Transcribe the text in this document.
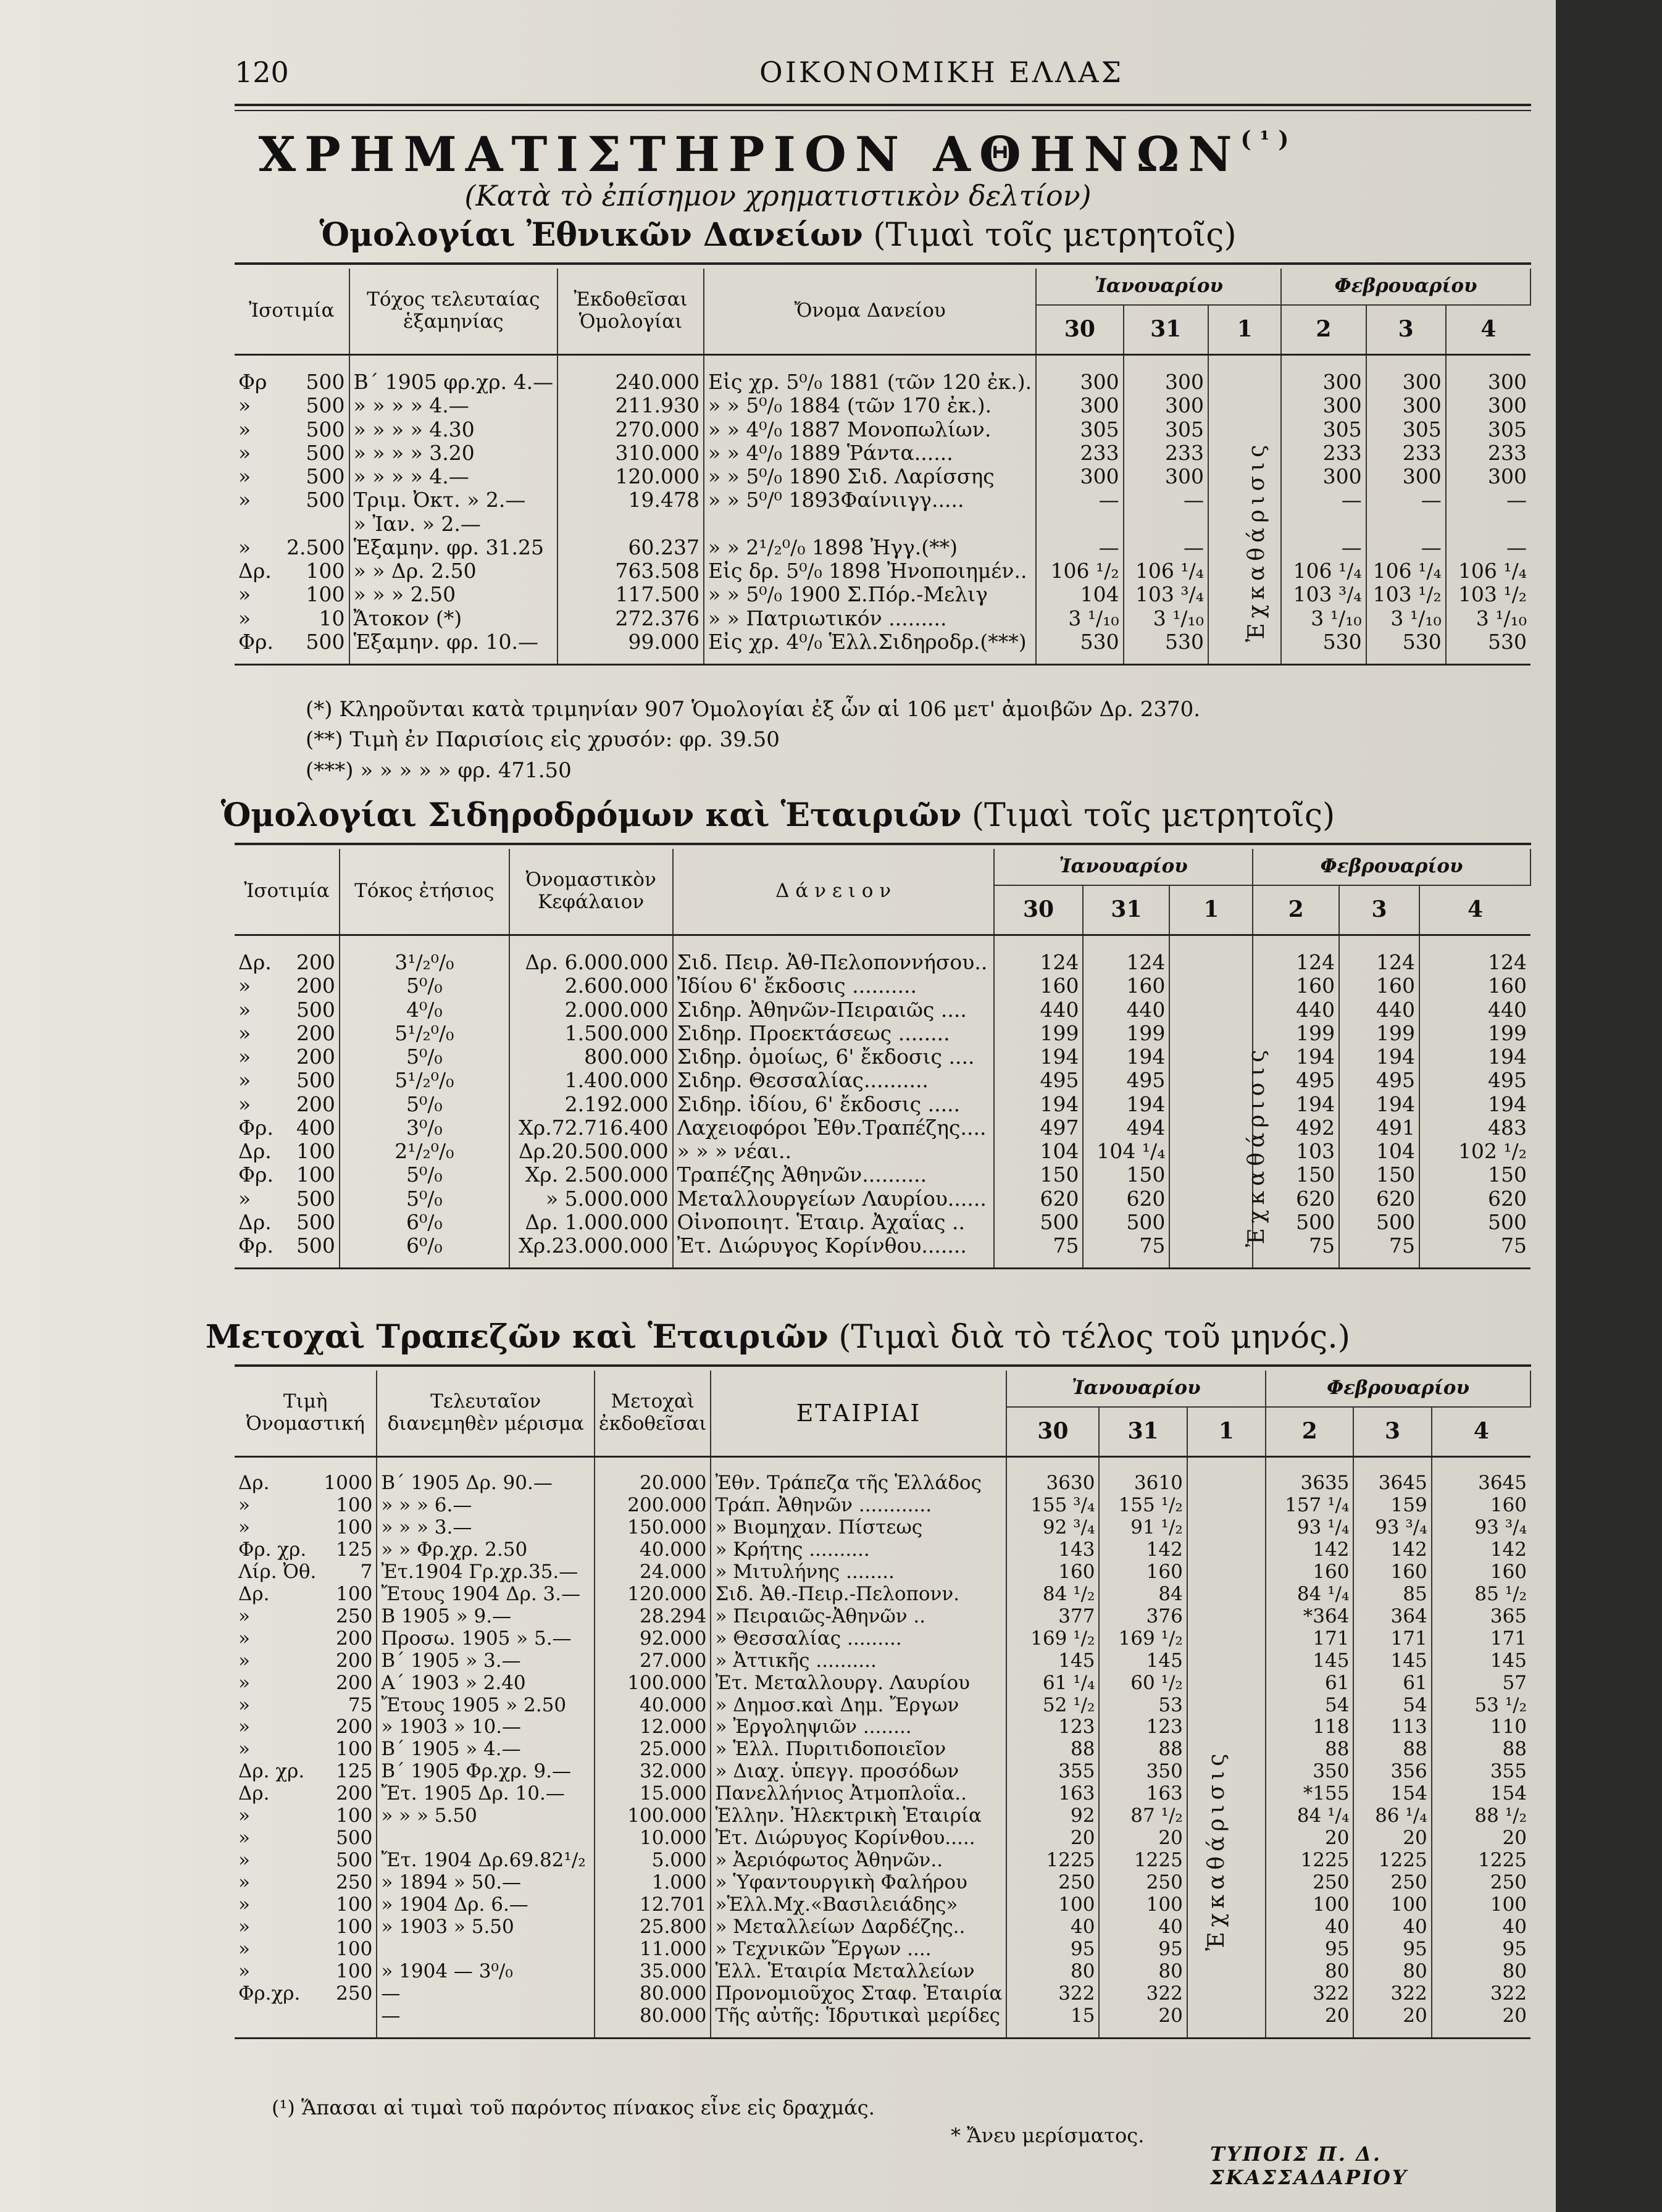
120	ΟΙΚΟΝΟΜΙΚΗ ΕΛΛΑΣ
ΧΡΗΜΑΤΙΣΤΗΡΙΟΝ $A\Theta HN\Omega N^{(^1)}$
(Κατὰ τὸ ἐπίσημον χρηματιστικὸν δελτίον)
Ὁμολογίαι Ἐθνικῶν Δανείων (Τιμαὶ τοῖς μετρητοῖς)
Ἰσοτιμία		Τόχος τελευταίας ἑξαμηνίας	Ἐκδοθεῖσαι Ὁμολογίαι	Ὄνομα Δανείου	Ἰανουαρίου			Φεβρουαρίου		
					30	31	1	2	3	4
Φρ	500	Β΄ 1905 φρ.χρ. 4.—	240.000	Εἰς χρ. 5⁰/₀ 1881 (τῶν 120 ἐκ.).	300	300		300	300	300
»	500	» » » » 4.—	211.930	» » 5⁰/₀ 1884 (τῶν 170 ἐκ.).	300	300		300	300	300
»	500	» » » » 4.30	270.000	» » 4⁰/₀ 1887 Μονοπωλίων.	305	305		305	305	305
»	500	» » » » 3.20	310.000	» » 4⁰/₀ 1889 Ῥάντα......	233	233		233	233	233
»	500	» » » » 4.—	120.000	» » 5⁰/₀ 1890 Σιδ. Λαρίσσης	300	300		300	300	300
»	500	Τριμ. Ὀκτ. » 2.—	19.478	» » 5⁰/⁰ 1893Φαίνιιγγ.....	—	—		—	—	—
		» Ἰαν. » 2.—								
»	2.500	Ἑξαμην. φρ. 31.25	60.237	» » 2¹/₂⁰/₀ 1898 Ἠγγ.(**)	—	—		—	—	—
Δρ.	100	» » Δρ. 2.50	763.508	Εἰς δρ. 5⁰/₀ 1898 Ἠνοποιημέν..	106 ¹/₂	106 ¹/₄		106 ¹/₄	106 ¹/₄	106 ¹/₄
»	100	» » » 2.50	117.500	» » 5⁰/₀ 1900 Σ.Πόρ.-Μελιγ	104	103 ³/₄		103 ³/₄	103 ¹/₂	103 ¹/₂
»	10	Ἄτοκον (*)	272.376	» » Πατριωτικόν .........	3 ¹/₁₀	3 ¹/₁₀		3 ¹/₁₀	3 ¹/₁₀	3 ¹/₁₀
Φρ.	500	Ἑξαμην. φρ. 10.—	99.000	Εἰς χρ. 4⁰/₀ Ἑλλ.Σιδηροδρ.(***)	530	530		530	530	530
Ἐχκαθάρισις
(*) Κληροῦνται κατὰ τριμηνίαν 907 Ὁμολογίαι ἐξ ὧν αἱ 106 μετ' ἀμοιβῶν Δρ. 2370.
(**) Τιμὴ ἐν Παρισίοις εἰς χρυσόν: φρ. 39.50
(***) » » » » » φρ. 471.50
Ὁμολογίαι Σιδηροδρόμων καὶ Ἑταιριῶν (Τιμαὶ τοῖς μετρητοῖς)
Ἰσοτιμία		Τόκος ἐτήσιος	Ὀνομαστικὸν Κεφάλαιον	Δ ά ν ε ι ο ν	Ἰανουαρίου			Φεβρουαρίου		
					30	31	1	2	3	4
Δρ.	200	3¹/₂⁰/₀	Δρ. 6.000.000	Σιδ. Πειρ. Ἀθ-Πελοποννήσου..	124	124		124	124	124
»	200	5⁰/₀	2.600.000	Ἰδίου 6' ἔκδοσις ..........	160	160		160	160	160
»	500	4⁰/₀	2.000.000	Σιδηρ. Ἀθηνῶν-Πειραιῶς ....	440	440		440	440	440
»	200	5¹/₂⁰/₀	1.500.000	Σιδηρ. Προεκτάσεως ........	199	199		199	199	199
»	200	5⁰/₀	800.000	Σιδηρ. ὁμοίως, 6' ἔκδοσις ....	194	194		194	194	194
»	500	5¹/₂⁰/₀	1.400.000	Σιδηρ. Θεσσαλίας..........	495	495		495	495	495
»	200	5⁰/₀	2.192.000	Σιδηρ. ἰδίου, 6' ἔκδοσις .....	194	194		194	194	194
Φρ.	400	3⁰/₀	Χρ.72.716.400	Λαχειοφόροι Ἐθν.Τραπέζης....	497	494		492	491	483
Δρ.	100	2¹/₂⁰/₀	Δρ.20.500.000	» » » νέαι..	104	104 ¹/₄		103	104	102 ¹/₂
Φρ.	100	5⁰/₀	Χρ. 2.500.000	Τραπέζης Ἀθηνῶν..........	150	150		150	150	150
»	500	5⁰/₀	» 5.000.000	Μεταλλουργείων Λαυρίου......	620	620		620	620	620
Δρ.	500	6⁰/₀	Δρ. 1.000.000	Οἰνοποιητ. Ἑταιρ. Ἀχαΐας ..	500	500		500	500	500
Φρ.	500	6⁰/₀	Χρ.23.000.000	Ἐτ. Διώρυγος Κορίνθου.......	75	75		75	75	75
Ἐχκαθάρισις
Μετοχαὶ Τραπεζῶν καὶ Ἑταιριῶν (Τιμαὶ διὰ τὸ τέλος τοῦ μηνός.)
Τιμὴ Ὀνομαστική		Τελευταῖον διανεμηθὲν μέρισμα	Μετοχαὶ ἐκδοθεῖσαι	ΕΤΑΙΡΙΑΙ	Ἰανουαρίου			Φεβρουαρίου		
					30	31	1	2	3	4
Δρ.	1000	Β΄ 1905 Δρ. 90.—	20.000	Ἐθν. Τράπεζα τῆς Ἑλλάδος	3630	3610		3635	3645	3645
»	100	» » » 6.—	200.000	Τράπ. Ἀθηνῶν ............	155 ³/₄	155 ¹/₂		157 ¹/₄	159	160
»	100	» » » 3.—	150.000	» Βιομηχαν. Πίστεως	92 ³/₄	91 ¹/₂		93 ¹/₄	93 ³/₄	93 ³/₄
Φρ. χρ.	125	» » Φρ.χρ. 2.50	40.000	» Κρήτης ..........	143	142		142	142	142
Λίρ. Ὀθ.	7	Ἐτ.1904 Γρ.χρ.35.—	24.000	» Μιτυλήνης ........	160	160		160	160	160
Δρ.	100	Ἔτους 1904 Δρ. 3.—	120.000	Σιδ. Ἀθ.-Πειρ.-Πελοπονν.	84 ¹/₂	84		84 ¹/₄	85	85 ¹/₂
»	250	Β 1905 » 9.—	28.294	» Πειραιῶς-Ἀθηνῶν ..	377	376		*364	364	365
»	200	Προσω. 1905 » 5.—	92.000	» Θεσσαλίας .........	169 ¹/₂	169 ¹/₂		171	171	171
»	200	Β΄ 1905 » 3.—	27.000	» Ἀττικῆς ..........	145	145		145	145	145
»	200	Α΄ 1903 » 2.40	100.000	Ἐτ. Μεταλλουργ. Λαυρίου	61 ¹/₄	60 ¹/₂		61	61	57
»	75	Ἔτους 1905 » 2.50	40.000	» Δημοσ.καὶ Δημ. Ἔργων	52 ¹/₂	53		54	54	53 ¹/₂
»	200	» 1903 » 10.—	12.000	» Ἐργοληψιῶν ........	123	123		118	113	110
»	100	Β΄ 1905 » 4.—	25.000	» Ἑλλ. Πυριτιδοποιεῖον	88	88		88	88	88
Δρ. χρ.	125	Β΄ 1905 Φρ.χρ. 9.—	32.000	» Διαχ. ὑπεγγ. προσόδων	355	350		350	356	355
Δρ.	200	Ἔτ. 1905 Δρ. 10.—	15.000	Πανελλήνιος Ἀτμοπλοΐα..	163	163		*155	154	154
»	100	» » » 5.50	100.000	Ἑλλην. Ἠλεκτρικὴ Ἑταιρία	92	87 ¹/₂		84 ¹/₄	86 ¹/₄	88 ¹/₂
»	500		10.000	Ἐτ. Διώρυγος Κορίνθου.....	20	20		20	20	20
»	500	Ἔτ. 1904 Δρ.69.82¹/₂	5.000	» Ἀεριόφωτος Ἀθηνῶν..	1225	1225		1225	1225	1225
»	250	» 1894 » 50.—	1.000	» Ὑφαντουργικὴ Φαλήρου	250	250		250	250	250
»	100	» 1904 Δρ. 6.—	12.701	»Ἑλλ.Μχ.«Βασιλειάδης»	100	100		100	100	100
»	100	» 1903 » 5.50	25.800	» Μεταλλείων Δαρδέζης..	40	40		40	40	40
»	100		11.000	» Τεχνικῶν Ἔργων ....	95	95		95	95	95
»	100	» 1904 — 3⁰/₀	35.000	Ἑλλ. Ἑταιρία Μεταλλείων	80	80		80	80	80
Φρ.χρ.	250	—	80.000	Προνομιοῦχος Σταφ. Ἑταιρία	322	322		322	322	322
		—	80.000	Τῆς αὐτῆς: Ἱδρυτικαὶ μερίδες	15	20		20	20	20
Ἐχκαθάρισις
(¹) Ἅπασαι αἱ τιμαὶ τοῦ παρόντος πίνακος εἶνε εἰς δραχμάς.
* Ἄνευ μερίσματος.
ΤΥΠΟΙΣ Π. Δ. ΣΚΑΣΣΑΔΑΡΙΟΥ
